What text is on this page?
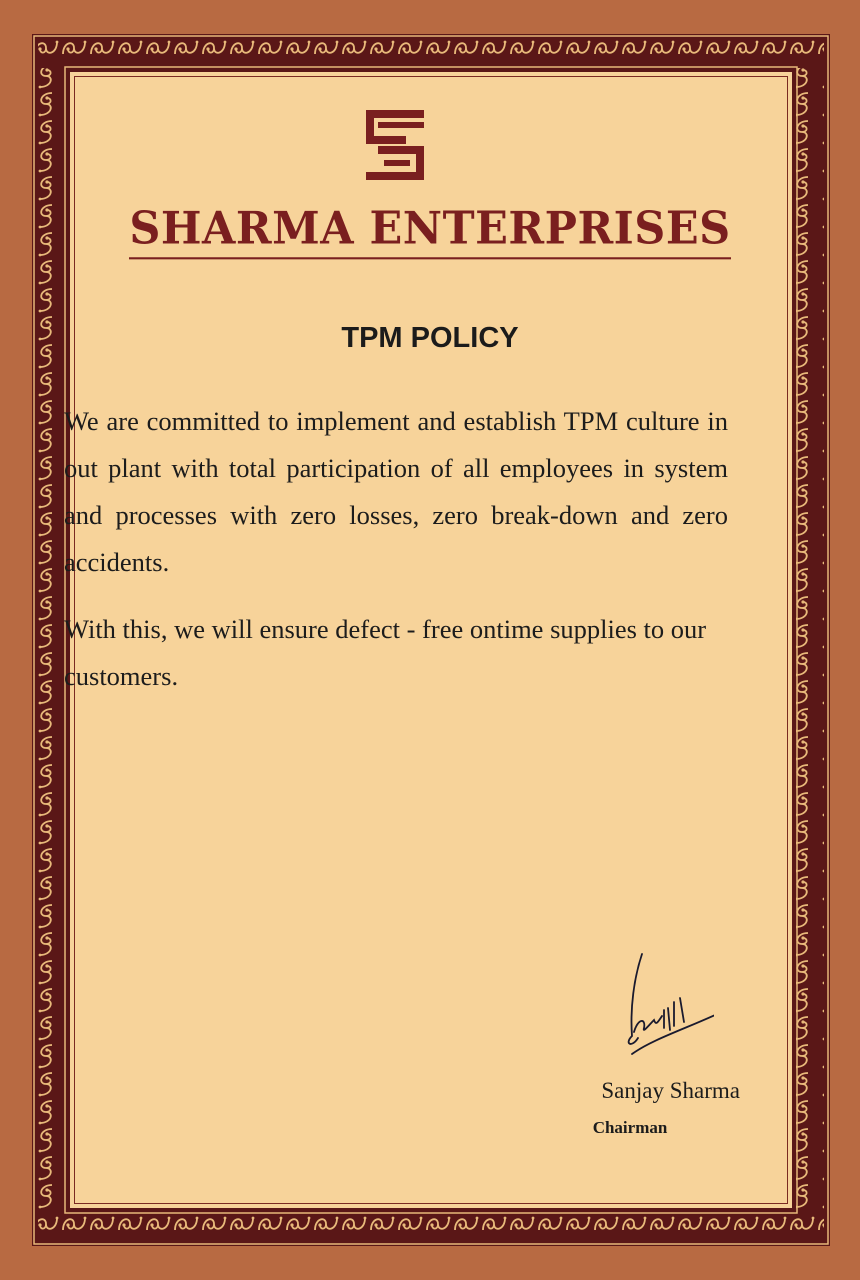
SHARMA ENTERPRISES
TPM POLICY

We are committed to implement and establish TPM culture in out plant with total participation of all employees in system and processes with zero losses, zero break-down and zero accidents.

With this, we will ensure defect - free ontime supplies to our customers.

Sanjay Sharma
Chairman
